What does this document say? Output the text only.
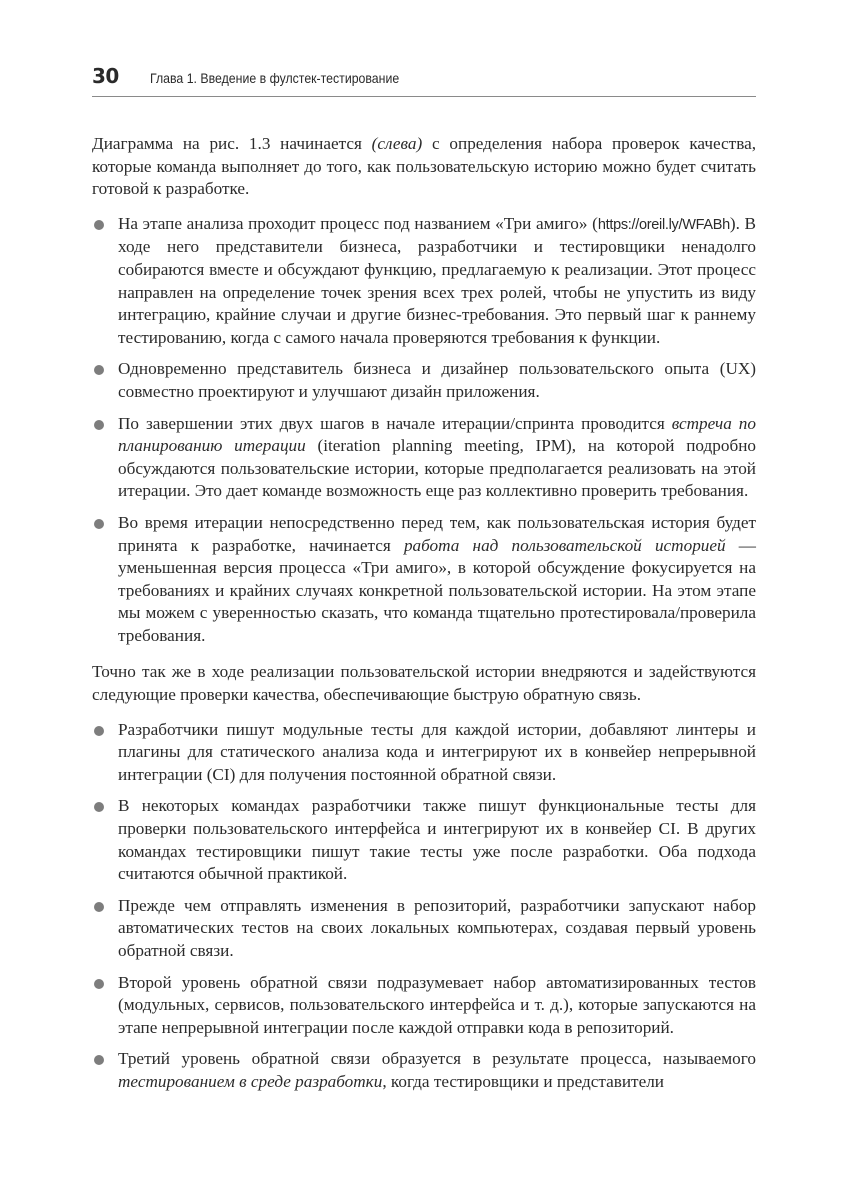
30	Глава 1. Введение в фулстек-тестирование

Диаграмма на рис. 1.3 начинается (слева) с определения набора проверок качества, которые команда выполняет до того, как пользовательскую историю можно будет считать готовой к разработке.

На этапе анализа проходит процесс под названием «Три амиго» (https://oreil.ly/WFABh). В ходе него представители бизнеса, разработчики и тестировщики ненадолго собираются вместе и обсуждают функцию, предлагаемую к реализации. Этот процесс направлен на определение точек зрения всех трех ролей, чтобы не упустить из виду интеграцию, крайние случаи и другие бизнес-требования. Это первый шаг к раннему тестированию, когда с самого начала проверяются требования к функции.
Одновременно представитель бизнеса и дизайнер пользовательского опыта (UX) совместно проектируют и улучшают дизайн приложения.
По завершении этих двух шагов в начале итерации/спринта проводится встреча по планированию итерации (iteration planning meeting, IPM), на которой подробно обсуждаются пользовательские истории, которые предполагается реализовать на этой итерации. Это дает команде возможность еще раз коллективно проверить требования.
Во время итерации непосредственно перед тем, как пользовательская история будет принята к разработке, начинается работа над пользовательской историей — уменьшенная версия процесса «Три амиго», в которой обсуждение фокусируется на требованиях и крайних случаях конкретной пользовательской истории. На этом этапе мы можем с уверенностью сказать, что команда тщательно протестировала/проверила требования.

Точно так же в ходе реализации пользовательской истории внедряются и задействуются следующие проверки качества, обеспечивающие быструю обратную связь.

Разработчики пишут модульные тесты для каждой истории, добавляют линтеры и плагины для статического анализа кода и интегрируют их в конвейер непрерывной интеграции (CI) для получения постоянной обратной связи.
В некоторых командах разработчики также пишут функциональные тесты для проверки пользовательского интерфейса и интегрируют их в конвейер CI. В других командах тестировщики пишут такие тесты уже после разработки. Оба подхода считаются обычной практикой.
Прежде чем отправлять изменения в репозиторий, разработчики запускают набор автоматических тестов на своих локальных компьютерах, создавая первый уровень обратной связи.
Второй уровень обратной связи подразумевает набор автоматизированных тестов (модульных, сервисов, пользовательского интерфейса и т. д.), которые запускаются на этапе непрерывной интеграции после каждой отправки кода в репозиторий.
Третий уровень обратной связи образуется в результате процесса, называемого тестированием в среде разработки, когда тестировщики и представители
